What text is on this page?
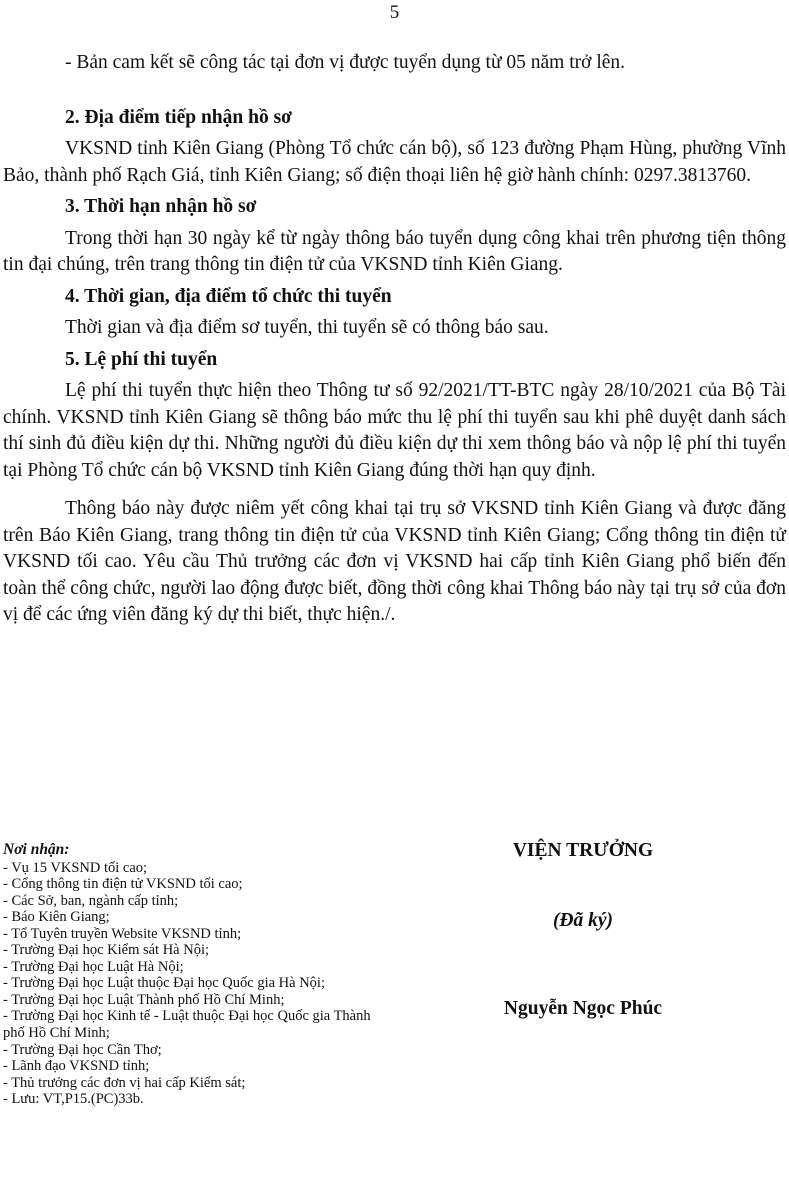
5

- Bản cam kết sẽ công tác tại đơn vị được tuyển dụng từ 05 năm trở lên.

2. Địa điểm tiếp nhận hồ sơ

VKSND tỉnh Kiên Giang (Phòng Tổ chức cán bộ), số 123 đường Phạm Hùng, phường Vĩnh Bảo, thành phố Rạch Giá, tỉnh Kiên Giang; số điện thoại liên hệ giờ hành chính: 0297.3813760.

3. Thời hạn nhận hồ sơ

Trong thời hạn 30 ngày kể từ ngày thông báo tuyển dụng công khai trên phương tiện thông tin đại chúng, trên trang thông tin điện tử của VKSND tỉnh Kiên Giang.

4. Thời gian, địa điểm tổ chức thi tuyển

Thời gian và địa điểm sơ tuyển, thi tuyển sẽ có thông báo sau.

5. Lệ phí thi tuyển

Lệ phí thi tuyển thực hiện theo Thông tư số 92/2021/TT-BTC ngày 28/10/2021 của Bộ Tài chính. VKSND tỉnh Kiên Giang sẽ thông báo mức thu lệ phí thi tuyển sau khi phê duyệt danh sách thí sinh đủ điều kiện dự thi. Những người đủ điều kiện dự thi xem thông báo và nộp lệ phí thi tuyển tại Phòng Tổ chức cán bộ VKSND tỉnh Kiên Giang đúng thời hạn quy định.

Thông báo này được niêm yết công khai tại trụ sở VKSND tỉnh Kiên Giang và được đăng trên Báo Kiên Giang, trang thông tin điện tử của VKSND tỉnh Kiên Giang; Cổng thông tin điện tử VKSND tối cao. Yêu cầu Thủ trưởng các đơn vị VKSND hai cấp tỉnh Kiên Giang phổ biến đến toàn thể công chức, người lao động được biết, đồng thời công khai Thông báo này tại trụ sở của đơn vị để các ứng viên đăng ký dự thi biết, thực hiện./.

Nơi nhận:
- Vụ 15 VKSND tối cao;
- Cổng thông tin điện tử VKSND tối cao;
- Các Sở, ban, ngành cấp tỉnh;
- Báo Kiên Giang;
- Tổ Tuyên truyền Website VKSND tỉnh;
- Trường Đại học Kiểm sát Hà Nội;
- Trường Đại học Luật Hà Nội;
- Trường Đại học Luật thuộc Đại học Quốc gia Hà Nội;
- Trường Đại học Luật Thành phố Hồ Chí Minh;
- Trường Đại học Kinh tế - Luật thuộc Đại học Quốc gia Thành phố Hồ Chí Minh;
- Trường Đại học Cần Thơ;
- Lãnh đạo VKSND tỉnh;
- Thủ trưởng các đơn vị hai cấp Kiểm sát;
- Lưu: VT,P15.(PC)33b.
VIỆN TRƯỞNG
(Đã ký)
Nguyễn Ngọc Phúc
